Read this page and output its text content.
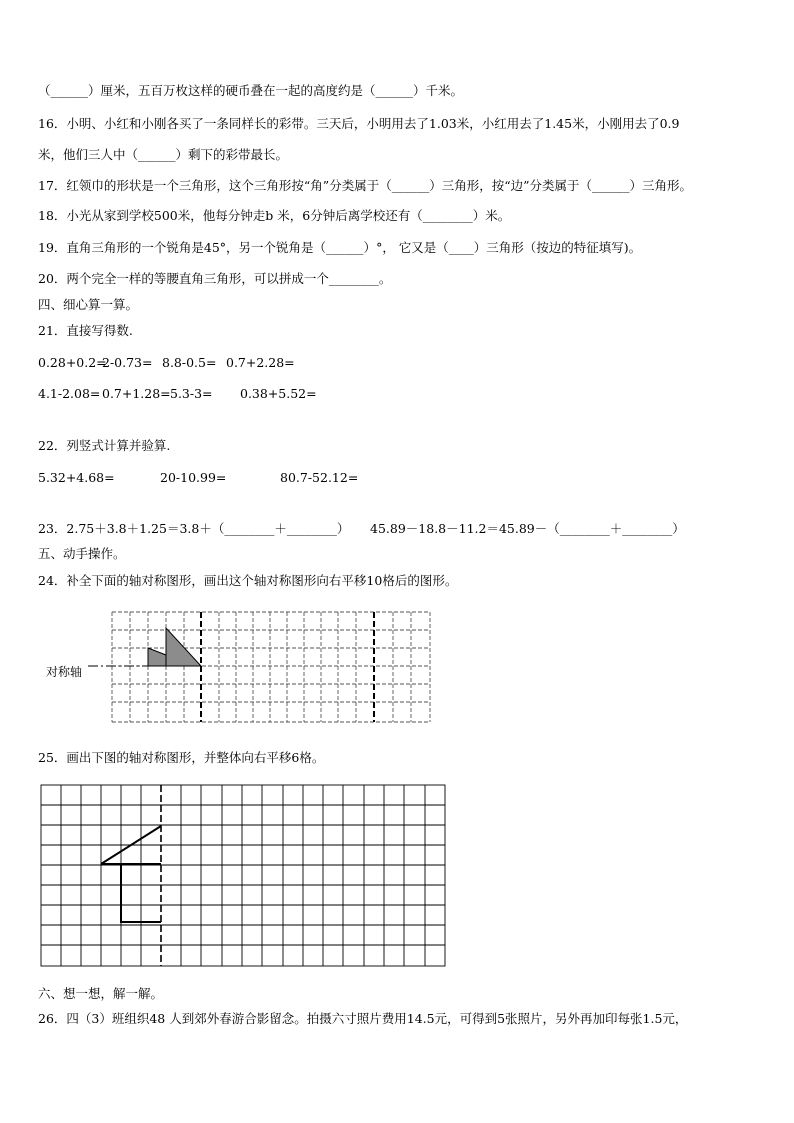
（______）厘米，五百万枚这样的硬币叠在一起的高度约是（______）千米。
16．小明、小红和小刚各买了一条同样长的彩带。三天后，小明用去了1.03米，小红用去了1.45米，小刚用去了0.9
米，他们三人中（______）剩下的彩带最长。
17．红领巾的形状是一个三角形，这个三角形按“角”分类属于（______）三角形，按“边”分类属于（______）三角形。
18．小光从家到学校500米，他每分钟走b 米，6分钟后离学校还有（________）米。
19．直角三角形的一个锐角是45°，另一个锐角是（______）°， 它又是（____）三角形（按边的特征填写)。
20．两个完全一样的等腰直角三角形，可以拼成一个________。
四、细心算一算。
21．直接写得数.
0.28+0.2=2-0.73= 8.8-0.5= 0.7+2.28=
4.1-2.08= 0.7+1.28=5.3-3= 0.38+5.52=
22．列竖式计算并验算.
5.32+4.68=	20-10.99=	80.7-52.12=
23．2.75＋3.8＋1.25＝3.8＋（________＋________） 45.89－18.8－11.2＝45.89－（________＋________）
五、动手操作。
24．补全下面的轴对称图形，画出这个轴对称图形向右平移10格后的图形。
对称轴
25．画出下图的轴对称图形，并整体向右平移6格。
六、想一想，解一解。
26．四（3）班组织48 人到郊外春游合影留念。拍摄六寸照片费用14.5元，可得到5张照片，另外再加印每张1.5元，
